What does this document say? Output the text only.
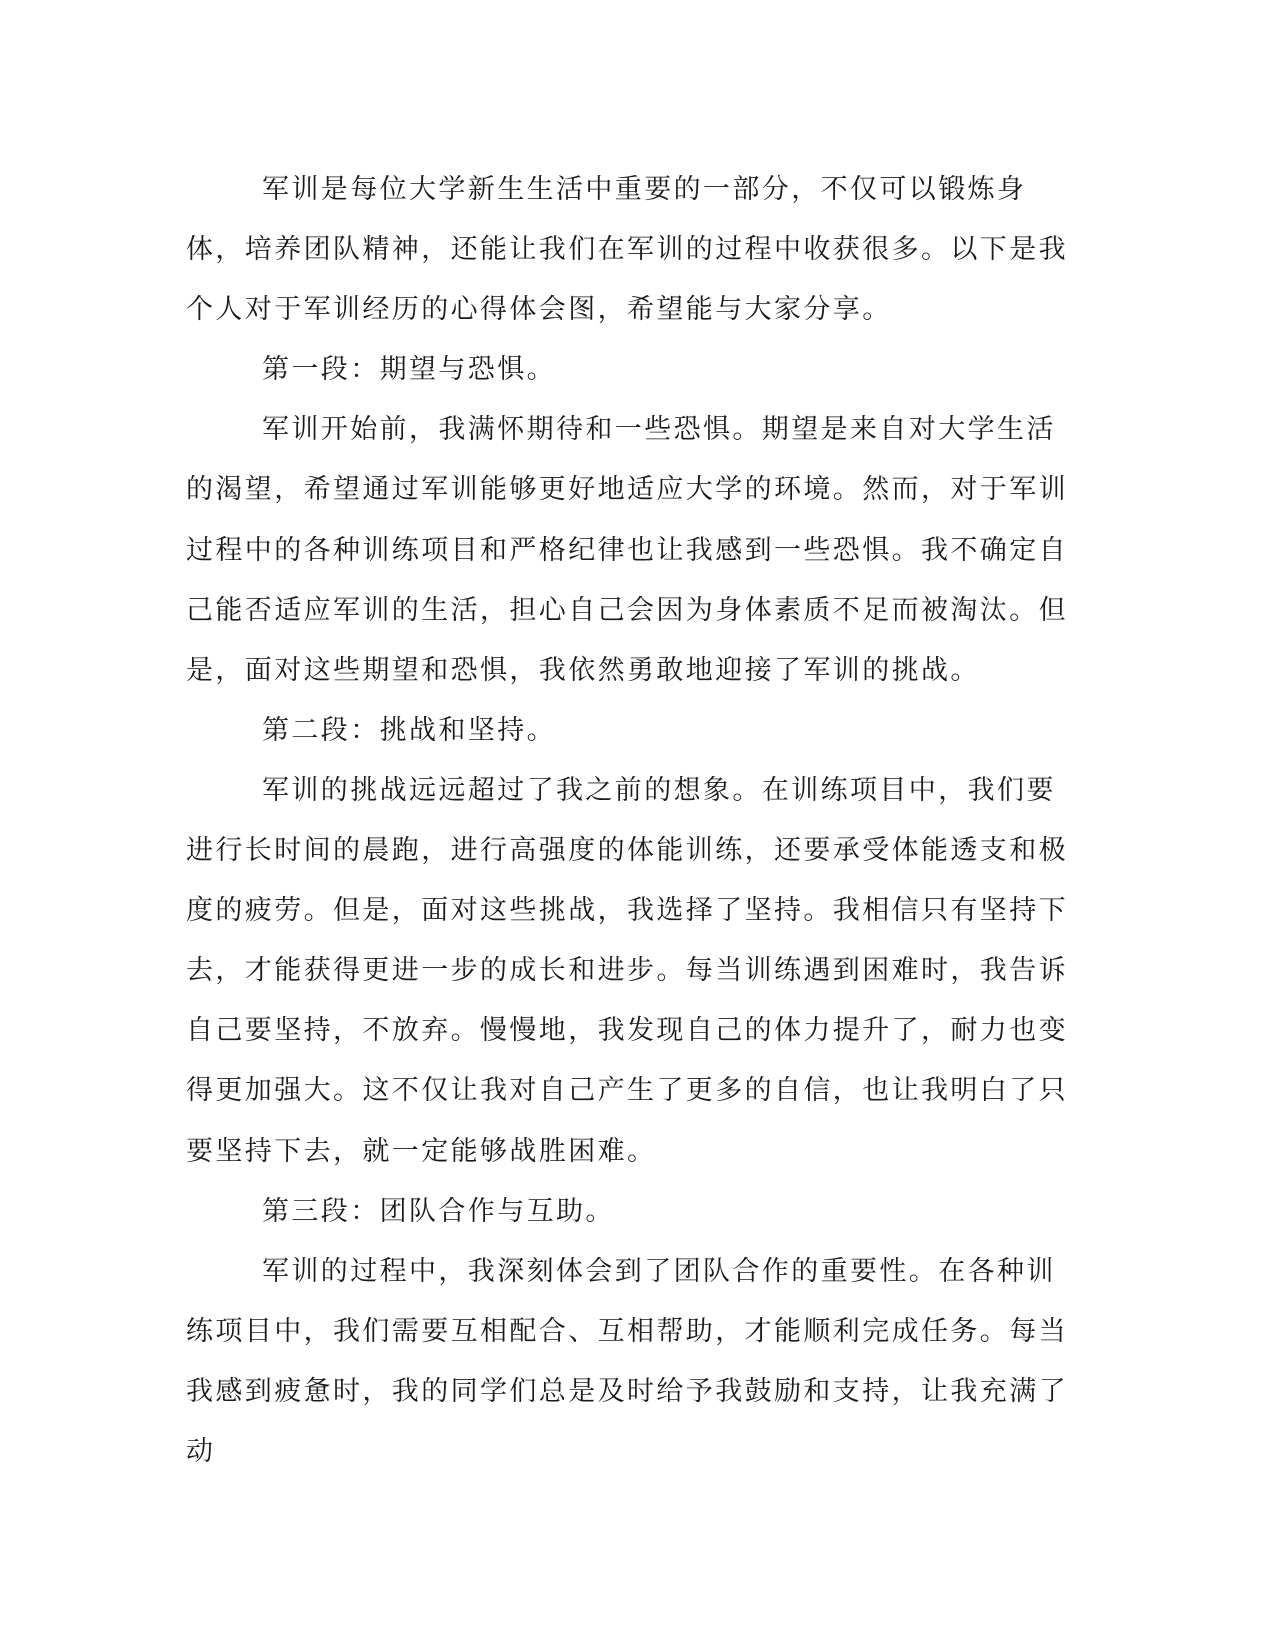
军训是每位大学新生生活中重要的一部分，不仅可以锻炼身体，培养团队精神，还能让我们在军训的过程中收获很多。以下是我个人对于军训经历的心得体会图，希望能与大家分享。

第一段：期望与恐惧。

军训开始前，我满怀期待和一些恐惧。期望是来自对大学生活的渴望，希望通过军训能够更好地适应大学的环境。然而，对于军训过程中的各种训练项目和严格纪律也让我感到一些恐惧。我不确定自己能否适应军训的生活，担心自己会因为身体素质不足而被淘汰。但是，面对这些期望和恐惧，我依然勇敢地迎接了军训的挑战。

第二段：挑战和坚持。

军训的挑战远远超过了我之前的想象。在训练项目中，我们要进行长时间的晨跑，进行高强度的体能训练，还要承受体能透支和极度的疲劳。但是，面对这些挑战，我选择了坚持。我相信只有坚持下去，才能获得更进一步的成长和进步。每当训练遇到困难时，我告诉自己要坚持，不放弃。慢慢地，我发现自己的体力提升了，耐力也变得更加强大。这不仅让我对自己产生了更多的自信，也让我明白了只要坚持下去，就一定能够战胜困难。

第三段：团队合作与互助。

军训的过程中，我深刻体会到了团队合作的重要性。在各种训练项目中，我们需要互相配合、互相帮助，才能顺利完成任务。每当我感到疲惫时，我的同学们总是及时给予我鼓励和支持，让我充满了动
